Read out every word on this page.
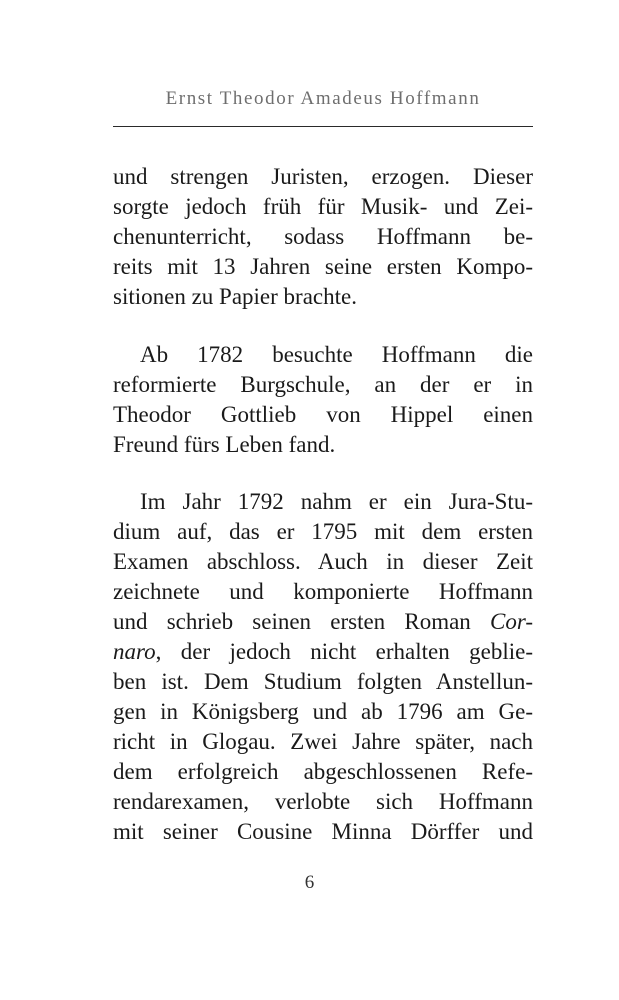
Ernst Theodor Amadeus Hoffmann
und strengen Juristen, erzogen. Dieser
sorgte jedoch früh für Musik- und Zei-
chenunterricht, sodass Hoffmann be-
reits mit 13 Jahren seine ersten Kompo-
sitionen zu Papier brachte.
Ab 1782 besuchte Hoffmann die
reformierte Burgschule, an der er in
Theodor Gottlieb von Hippel einen
Freund fürs Leben fand.
Im Jahr 1792 nahm er ein Jura-Stu-
dium auf, das er 1795 mit dem ersten
Examen abschloss. Auch in dieser Zeit
zeichnete und komponierte Hoffmann
und schrieb seinen ersten Roman Cor-
naro, der jedoch nicht erhalten geblie-
ben ist. Dem Studium folgten Anstellun-
gen in Königsberg und ab 1796 am Ge-
richt in Glogau. Zwei Jahre später, nach
dem erfolgreich abgeschlossenen Refe-
rendarexamen, verlobte sich Hoffmann
mit seiner Cousine Minna Dörffer und
6
